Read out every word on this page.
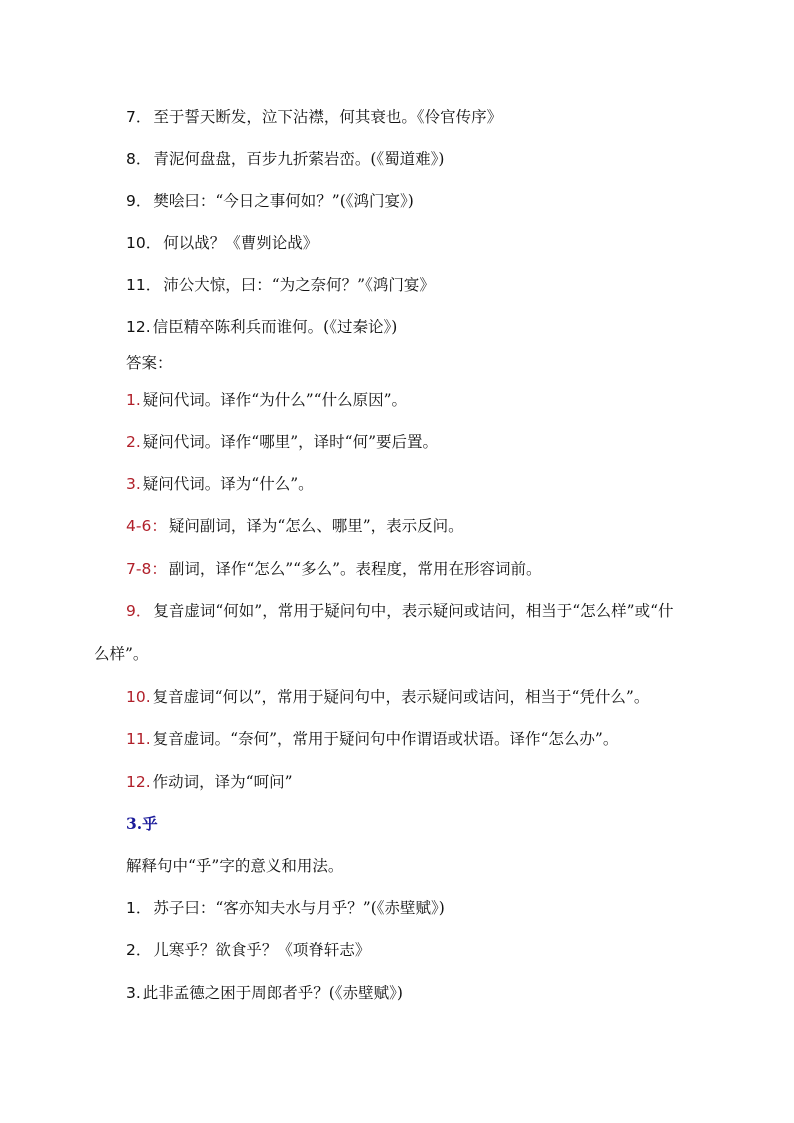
7． 至于誓天断发，泣下沾襟，何其衰也。《伶官传序》
8． 青泥何盘盘，百步九折萦岩峦。(《蜀道难》)
9． 樊哙曰：“今日之事何如？”(《鸿门宴》)
10． 何以战？《曹刿论战》
11． 沛公大惊，曰：“为之奈何？”《鸿门宴》
12. 信臣精卒陈利兵而谁何。(《过秦论》)
答案：
1. 疑问代词。译作“为什么”“什么原因”。
2. 疑问代词。译作“哪里”，译时“何”要后置。
3. 疑问代词。译为“什么”。
4-6： 疑问副词，译为“怎么、哪里”，表示反问。
7-8： 副词，译作“怎么”“多么”。表程度，常用在形容词前。
9． 复音虚词“何如”，常用于疑问句中，表示疑问或诘问，相当于“怎么样”或“什
么样”。
10. 复音虚词“何以”，常用于疑问句中，表示疑问或诘问，相当于“凭什么”。
11. 复音虚词。“奈何”，常用于疑问句中作谓语或状语。译作“怎么办”。
12. 作动词，译为“呵问”
3.乎
解释句中“乎”字的意义和用法。
1． 苏子曰：“客亦知夫水与月乎？”(《赤壁赋》)
2． 儿寒乎？欲食乎？《项脊轩志》
3. 此非孟德之困于周郎者乎？(《赤壁赋》)
